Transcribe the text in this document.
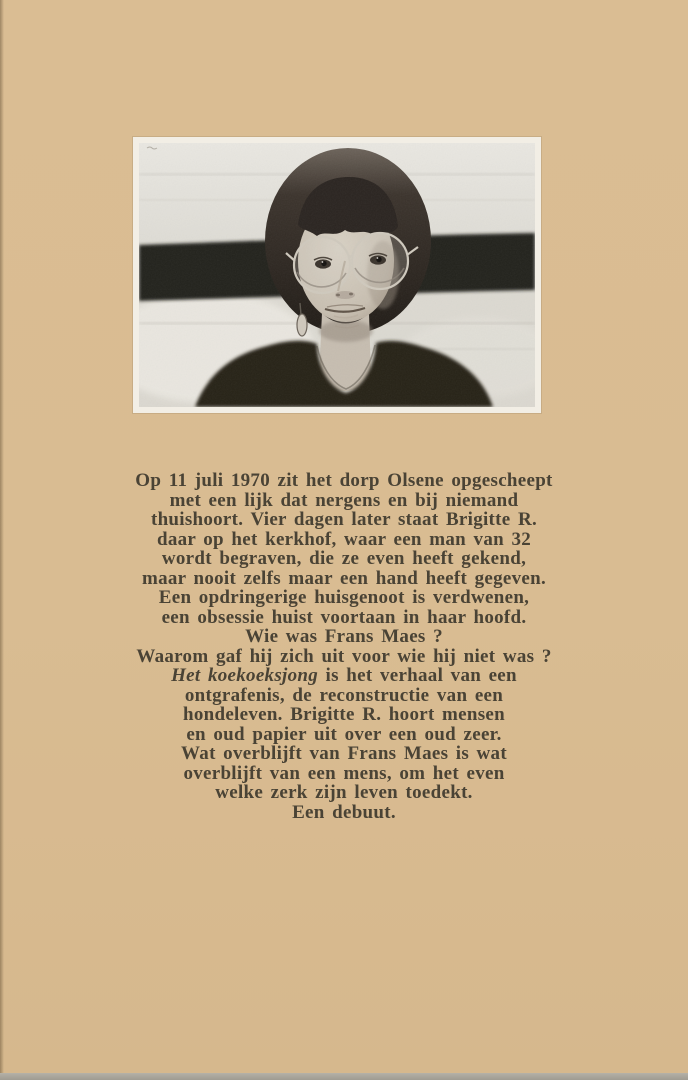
Op 11 juli 1970 zit het dorp Olsene opgescheept
met een lijk dat nergens en bij niemand
thuishoort. Vier dagen later staat Brigitte R.
daar op het kerkhof, waar een man van 32
wordt begraven, die ze even heeft gekend,
maar nooit zelfs maar een hand heeft gegeven.
Een opdringerige huisgenoot is verdwenen,
een obsessie huist voortaan in haar hoofd.
Wie was Frans Maes ?
Waarom gaf hij zich uit voor wie hij niet was ?
Het koekoeksjong is het verhaal van een
ontgrafenis, de reconstructie van een
hondeleven. Brigitte R. hoort mensen
en oud papier uit over een oud zeer.
Wat overblijft van Frans Maes is wat
overblijft van een mens, om het even
welke zerk zijn leven toedekt.
Een debuut.
